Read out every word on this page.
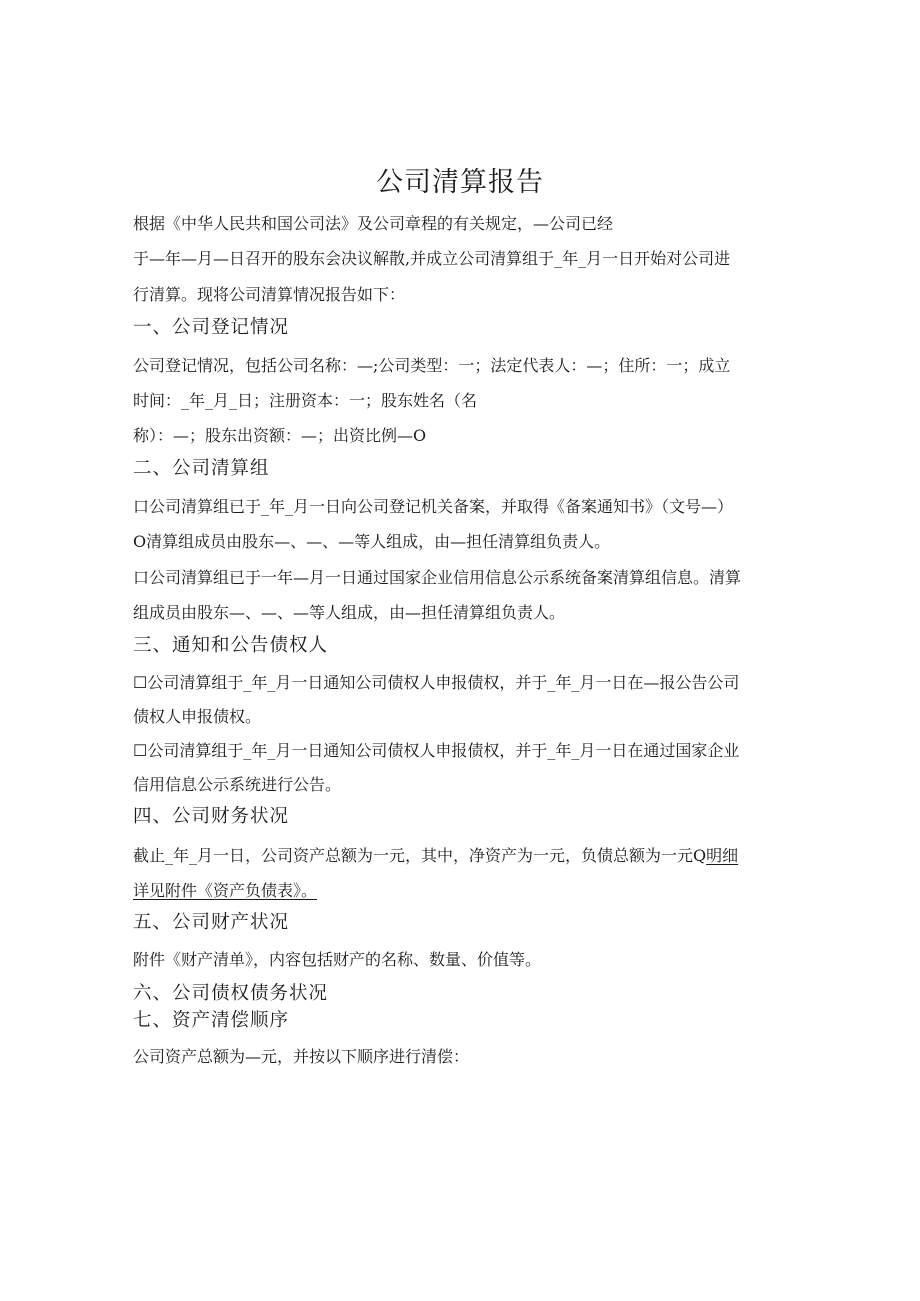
公司清算报告
根据《中华人民共和国公司法》及公司章程的有关规定，—公司已经
于—年—月—日召开的股东会决议解散,并成立公司清算组于_年_月一日开始对公司进
行清算。现将公司清算情况报告如下：
一、公司登记情况
公司登记情况，包括公司名称：—;公司类型：一；法定代表人：—；住所：一；成立
时间：_年_月_日；注册资本：一；股东姓名（名
称）：—；股东出资额：—；出资比例—O
二、公司清算组
口公司清算组已于_年_月一日向公司登记机关备案，并取得《备案通知书》（文号—）
O清算组成员由股东—、—、—等人组成，由—担任清算组负责人。
口公司清算组已于一年—月一日通过国家企业信用信息公示系统备案清算组信息。清算
组成员由股东—、—、—等人组成，由—担任清算组负责人。
三、通知和公告债权人
☐公司清算组于_年_月一日通知公司债权人申报债权，并于_年_月一日在—报公告公司
债权人申报债权。
☐公司清算组于_年_月一日通知公司债权人申报债权，并于_年_月一日在通过国家企业
信用信息公示系统进行公告。
四、公司财务状况
截止_年_月一日，公司资产总额为一元，其中，净资产为一元，负债总额为一元Q明细
详见附件《资产负债表》。
五、公司财产状况
附件《财产清单》，内容包括财产的名称、数量、价值等。
六、公司债权债务状况
七、资产清偿顺序
公司资产总额为—元，并按以下顺序进行清偿：
